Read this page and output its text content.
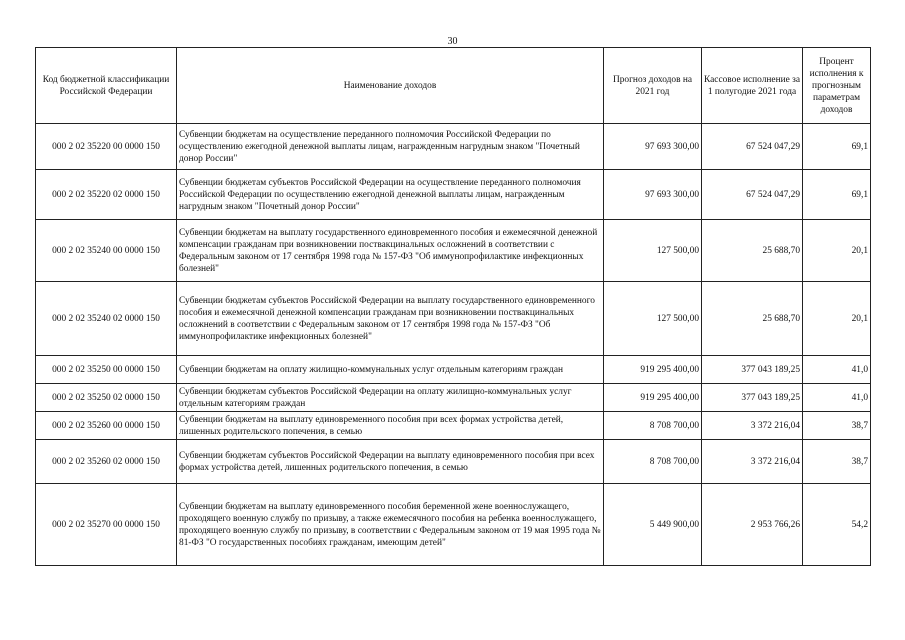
30
Код бюджетной классификации Российской Федерации	Наименование доходов	Прогноз доходов на 2021 год	Кассовое исполнение за 1 полугодие 2021 года	Процент исполнения к прогнозным параметрам доходов
000 2 02 35220 00 0000 150	Субвенции бюджетам на осуществление переданного полномочия Российской Федерации по осуществлению ежегодной денежной выплаты лицам, награжденным нагрудным знаком "Почетный донор России"	97 693 300,00	67 524 047,29	69,1
000 2 02 35220 02 0000 150	Субвенции бюджетам субъектов Российской Федерации на осуществление переданного полномочия Российской Федерации по осуществлению ежегодной денежной выплаты лицам, награжденным нагрудным знаком "Почетный донор России"	97 693 300,00	67 524 047,29	69,1
000 2 02 35240 00 0000 150	Субвенции бюджетам на выплату государственного единовременного пособия и ежемесячной денежной компенсации гражданам при возникновении поствакцинальных осложнений в соответствии с Федеральным законом от 17 сентября 1998 года № 157-ФЗ "Об иммунопрофилактике инфекционных болезней"	127 500,00	25 688,70	20,1
000 2 02 35240 02 0000 150	Субвенции бюджетам субъектов Российской Федерации на выплату государственного единовременного пособия и ежемесячной денежной компенсации гражданам при возникновении поствакцинальных осложнений в соответствии с Федеральным законом от 17 сентября 1998 года № 157-ФЗ "Об иммунопрофилактике инфекционных болезней"	127 500,00	25 688,70	20,1
000 2 02 35250 00 0000 150	Субвенции бюджетам на оплату жилищно-коммунальных услуг отдельным категориям граждан	919 295 400,00	377 043 189,25	41,0
000 2 02 35250 02 0000 150	Субвенции бюджетам субъектов Российской Федерации на оплату жилищно-коммунальных услуг отдельным категориям граждан	919 295 400,00	377 043 189,25	41,0
000 2 02 35260 00 0000 150	Субвенции бюджетам на выплату единовременного пособия при всех формах устройства детей, лишенных родительского попечения, в семью	8 708 700,00	3 372 216,04	38,7
000 2 02 35260 02 0000 150	Субвенции бюджетам субъектов Российской Федерации на выплату единовременного пособия при всех формах устройства детей, лишенных родительского попечения, в семью	8 708 700,00	3 372 216,04	38,7
000 2 02 35270 00 0000 150	Субвенции бюджетам на выплату единовременного пособия беременной жене военнослужащего, проходящего военную службу по призыву, а также ежемесячного пособия на ребенка военнослужащего, проходящего военную службу по призыву, в соответствии с Федеральным законом от 19 мая 1995 года № 81-ФЗ "О государственных пособиях гражданам, имеющим детей"	5 449 900,00	2 953 766,26	54,2
